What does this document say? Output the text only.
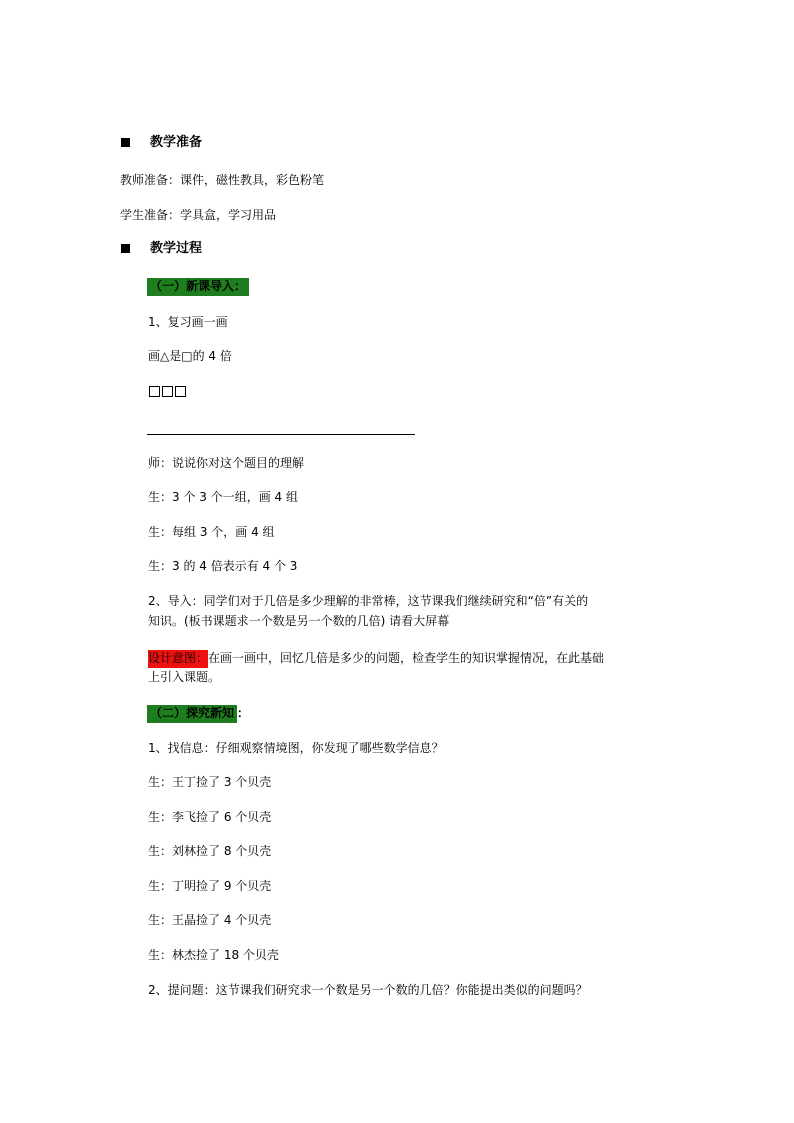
教学准备
教师准备：课件，磁性教具，彩色粉笔
学生准备：学具盒，学习用品
教学过程
（一）新课导入：
1、复习画一画
画△是□的 4 倍
师：说说你对这个题目的理解
生：3 个 3 个一组，画 4 组
生：每组 3 个，画 4 组
生：3 的 4 倍表示有 4 个 3
2、导入：同学们对于几倍是多少理解的非常棒，这节课我们继续研究和“倍”有关的
知识。(板书课题求一个数是另一个数的几倍) 请看大屏幕
设计意图：在画一画中，回忆几倍是多少的问题，检查学生的知识掌握情况，在此基础
上引入课题。
（二）探究新知 ：
1、找信息：仔细观察情境图，你发现了哪些数学信息？
生：王丁捡了 3 个贝壳
生：李飞捡了 6 个贝壳
生：刘林捡了 8 个贝壳
生：丁明捡了 9 个贝壳
生：王晶捡了 4 个贝壳
生：林杰捡了 18 个贝壳
2、提问题：这节课我们研究求一个数是另一个数的几倍？你能提出类似的问题吗？
